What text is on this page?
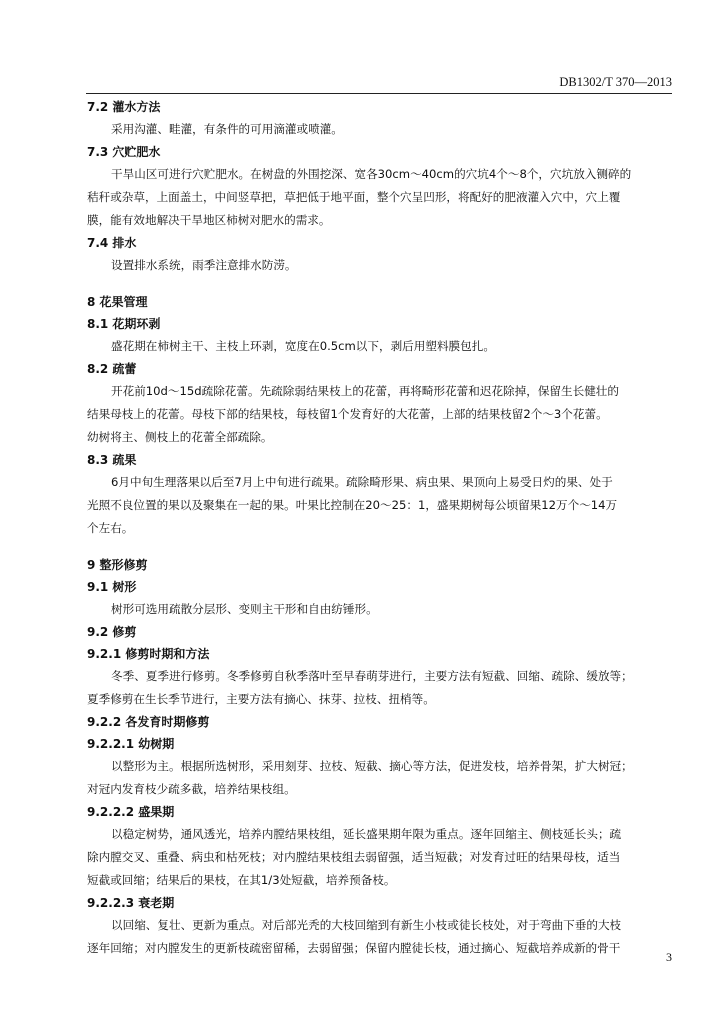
DB1302/T 370—2013
7.2 灌水方法
采用沟灌、畦灌，有条件的可用滴灌或喷灌。
7.3 穴贮肥水
干旱山区可进行穴贮肥水。在树盘的外围挖深、宽各30cm～40cm的穴坑4个～8个，穴坑放入铡碎的
秸秆或杂草，上面盖土，中间竖草把，草把低于地平面，整个穴呈凹形，将配好的肥液灌入穴中，穴上覆
膜，能有效地解决干旱地区柿树对肥水的需求。
7.4 排水
设置排水系统，雨季注意排水防涝。
8 花果管理
8.1 花期环剥
盛花期在柿树主干、主枝上环剥，宽度在0.5cm以下，剥后用塑料膜包扎。
8.2 疏蕾
开花前10d～15d疏除花蕾。先疏除弱结果枝上的花蕾，再将畸形花蕾和迟花除掉，保留生长健壮的
结果母枝上的花蕾。母枝下部的结果枝，每枝留1个发育好的大花蕾，上部的结果枝留2个～3个花蕾。
幼树将主、侧枝上的花蕾全部疏除。
8.3 疏果
6月中旬生理落果以后至7月上中旬进行疏果。疏除畸形果、病虫果、果顶向上易受日灼的果、处于
光照不良位置的果以及聚集在一起的果。叶果比控制在20～25：1，盛果期树每公顷留果12万个～14万
个左右。
9 整形修剪
9.1 树形
树形可选用疏散分层形、变则主干形和自由纺锤形。
9.2 修剪
9.2.1 修剪时期和方法
冬季、夏季进行修剪。冬季修剪自秋季落叶至早春萌芽进行，主要方法有短截、回缩、疏除、缓放等；
夏季修剪在生长季节进行，主要方法有摘心、抹芽、拉枝、扭梢等。
9.2.2 各发育时期修剪
9.2.2.1 幼树期
以整形为主。根据所选树形，采用刻芽、拉枝、短截、摘心等方法，促进发枝，培养骨架，扩大树冠；
对冠内发育枝少疏多截，培养结果枝组。
9.2.2.2 盛果期
以稳定树势，通风透光，培养内膛结果枝组，延长盛果期年限为重点。逐年回缩主、侧枝延长头；疏
除内膛交叉、重叠、病虫和枯死枝；对内膛结果枝组去弱留强，适当短截；对发育过旺的结果母枝，适当
短截或回缩；结果后的果枝，在其1/3处短截，培养预备枝。
9.2.2.3 衰老期
以回缩、复壮、更新为重点。对后部光秃的大枝回缩到有新生小枝或徒长枝处，对于弯曲下垂的大枝
逐年回缩；对内膛发生的更新枝疏密留稀，去弱留强；保留内膛徒长枝，通过摘心、短截培养成新的骨干
3
